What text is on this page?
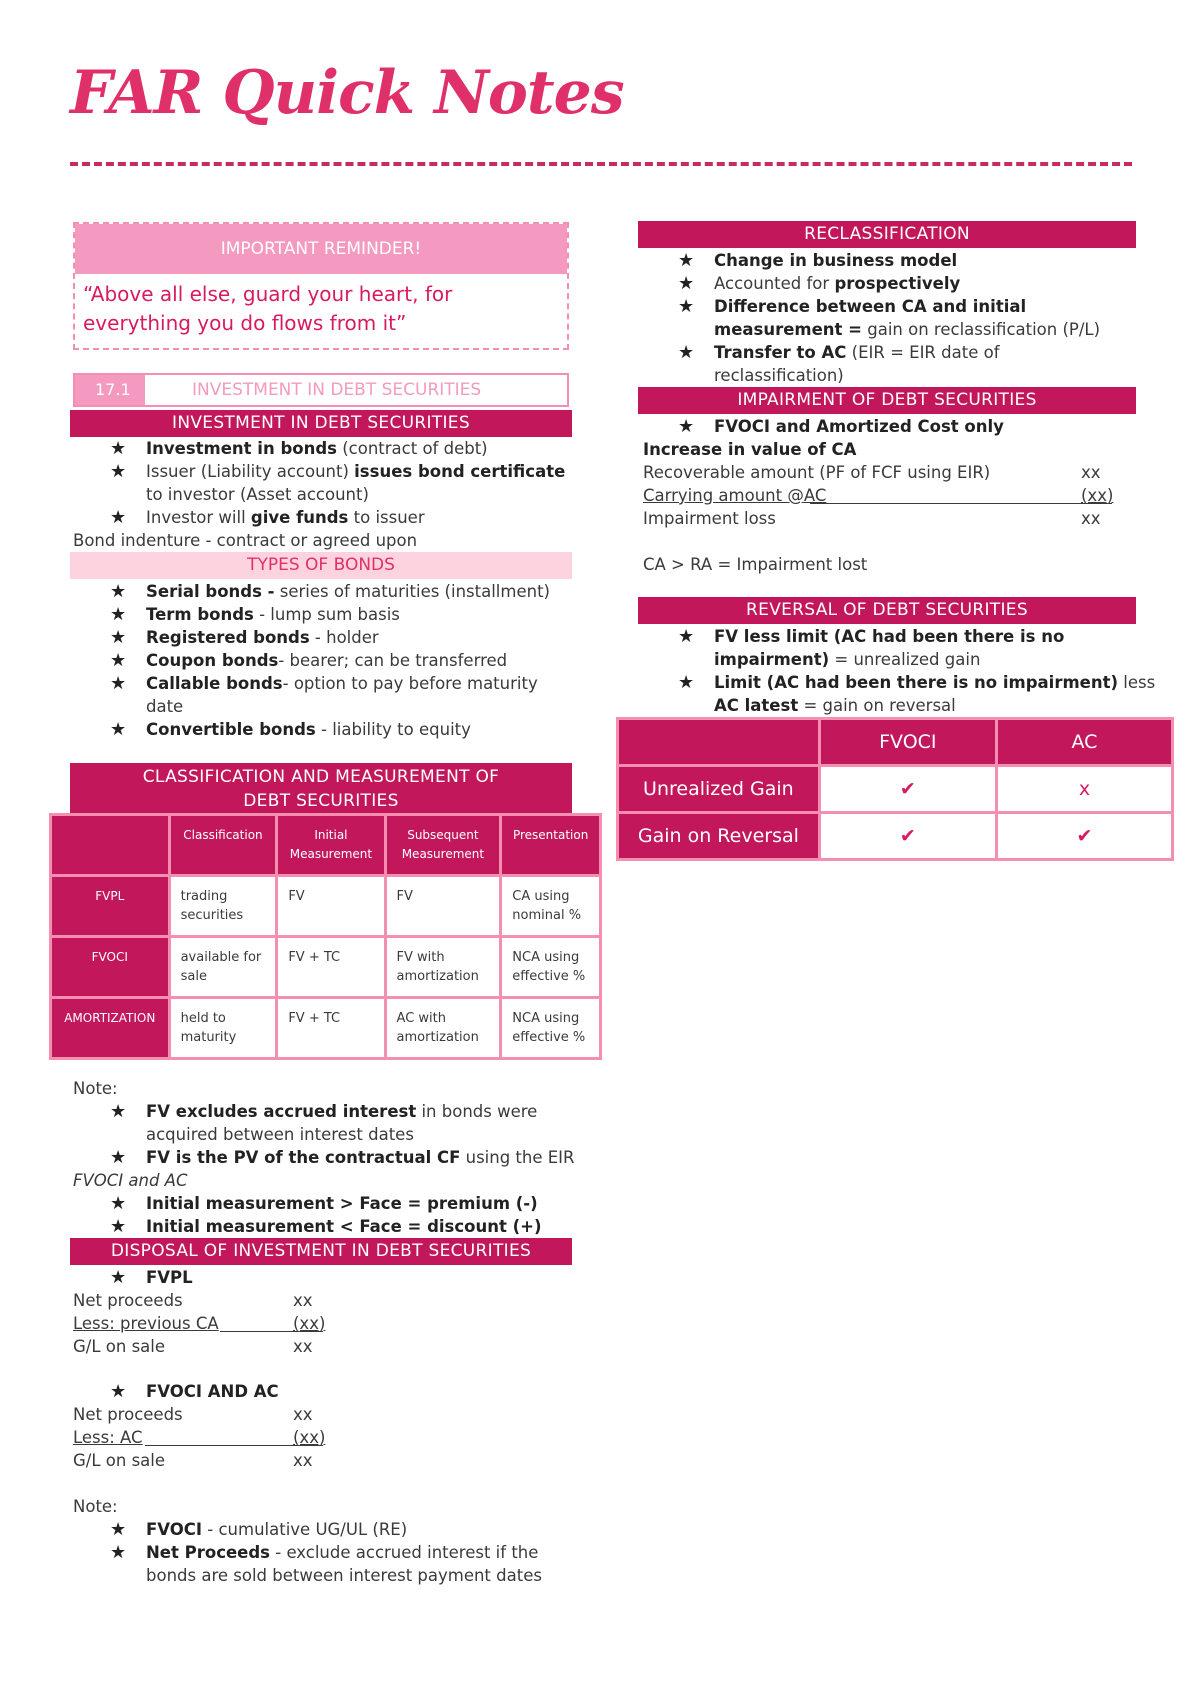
FAR Quick Notes
IMPORTANT REMINDER!
“Above all else, guard your heart, for everything you do flows from it”
17.1	INVESTMENT IN DEBT SECURITIES
INVESTMENT IN DEBT SECURITIES
★ Investment in bonds (contract of debt)
★ Issuer (Liability account) issues bond certificate
to investor (Asset account)
★ Investor will give funds to issuer
Bond indenture - contract or agreed upon
TYPES OF BONDS
★ Serial bonds - series of maturities (installment)
★ Term bonds - lump sum basis
★ Registered bonds - holder
★ Coupon bonds- bearer; can be transferred
★ Callable bonds- option to pay before maturity
date
★ Convertible bonds - liability to equity
CLASSIFICATION AND MEASUREMENT OF
DEBT SECURITIES
	Classification	Initial Measurement	Subsequent Measurement	Presentation
FVPL	trading securities	FV	FV	CA using nominal %
FVOCI	available for sale	FV + TC	FV with amortization	NCA using effective %
AMORTIZATION	held to maturity	FV + TC	AC with amortization	NCA using effective %
Note:
★ FV excludes accrued interest in bonds were
acquired between interest dates
★ FV is the PV of the contractual CF using the EIR
FVOCI and AC
★ Initial measurement > Face = premium (-)
★ Initial measurement < Face = discount (+)
DISPOSAL OF INVESTMENT IN DEBT SECURITIES
★ FVPL
Net proceeds	xx
Less: previous CA	(xx)
G/L on sale	xx
★ FVOCI AND AC
Net proceeds	xx
Less: AC	(xx)
G/L on sale	xx
Note:
★ FVOCI - cumulative UG/UL (RE)
★ Net Proceeds - exclude accrued interest if the
bonds are sold between interest payment dates
RECLASSIFICATION
★ Change in business model
★ Accounted for prospectively
★ Difference between CA and initial
measurement = gain on reclassification (P/L)
★ Transfer to AC (EIR = EIR date of
reclassification)
IMPAIRMENT OF DEBT SECURITIES
★ FVOCI and Amortized Cost only
Increase in value of CA
Recoverable amount (PF of FCF using EIR)	xx
Carrying amount @AC	(xx)
Impairment loss	xx
CA > RA = Impairment lost
REVERSAL OF DEBT SECURITIES
★ FV less limit (AC had been there is no
impairment) = unrealized gain
★ Limit (AC had been there is no impairment) less
AC latest = gain on reversal
	FVOCI	AC
Unrealized Gain	✔	x
Gain on Reversal	✔	✔
